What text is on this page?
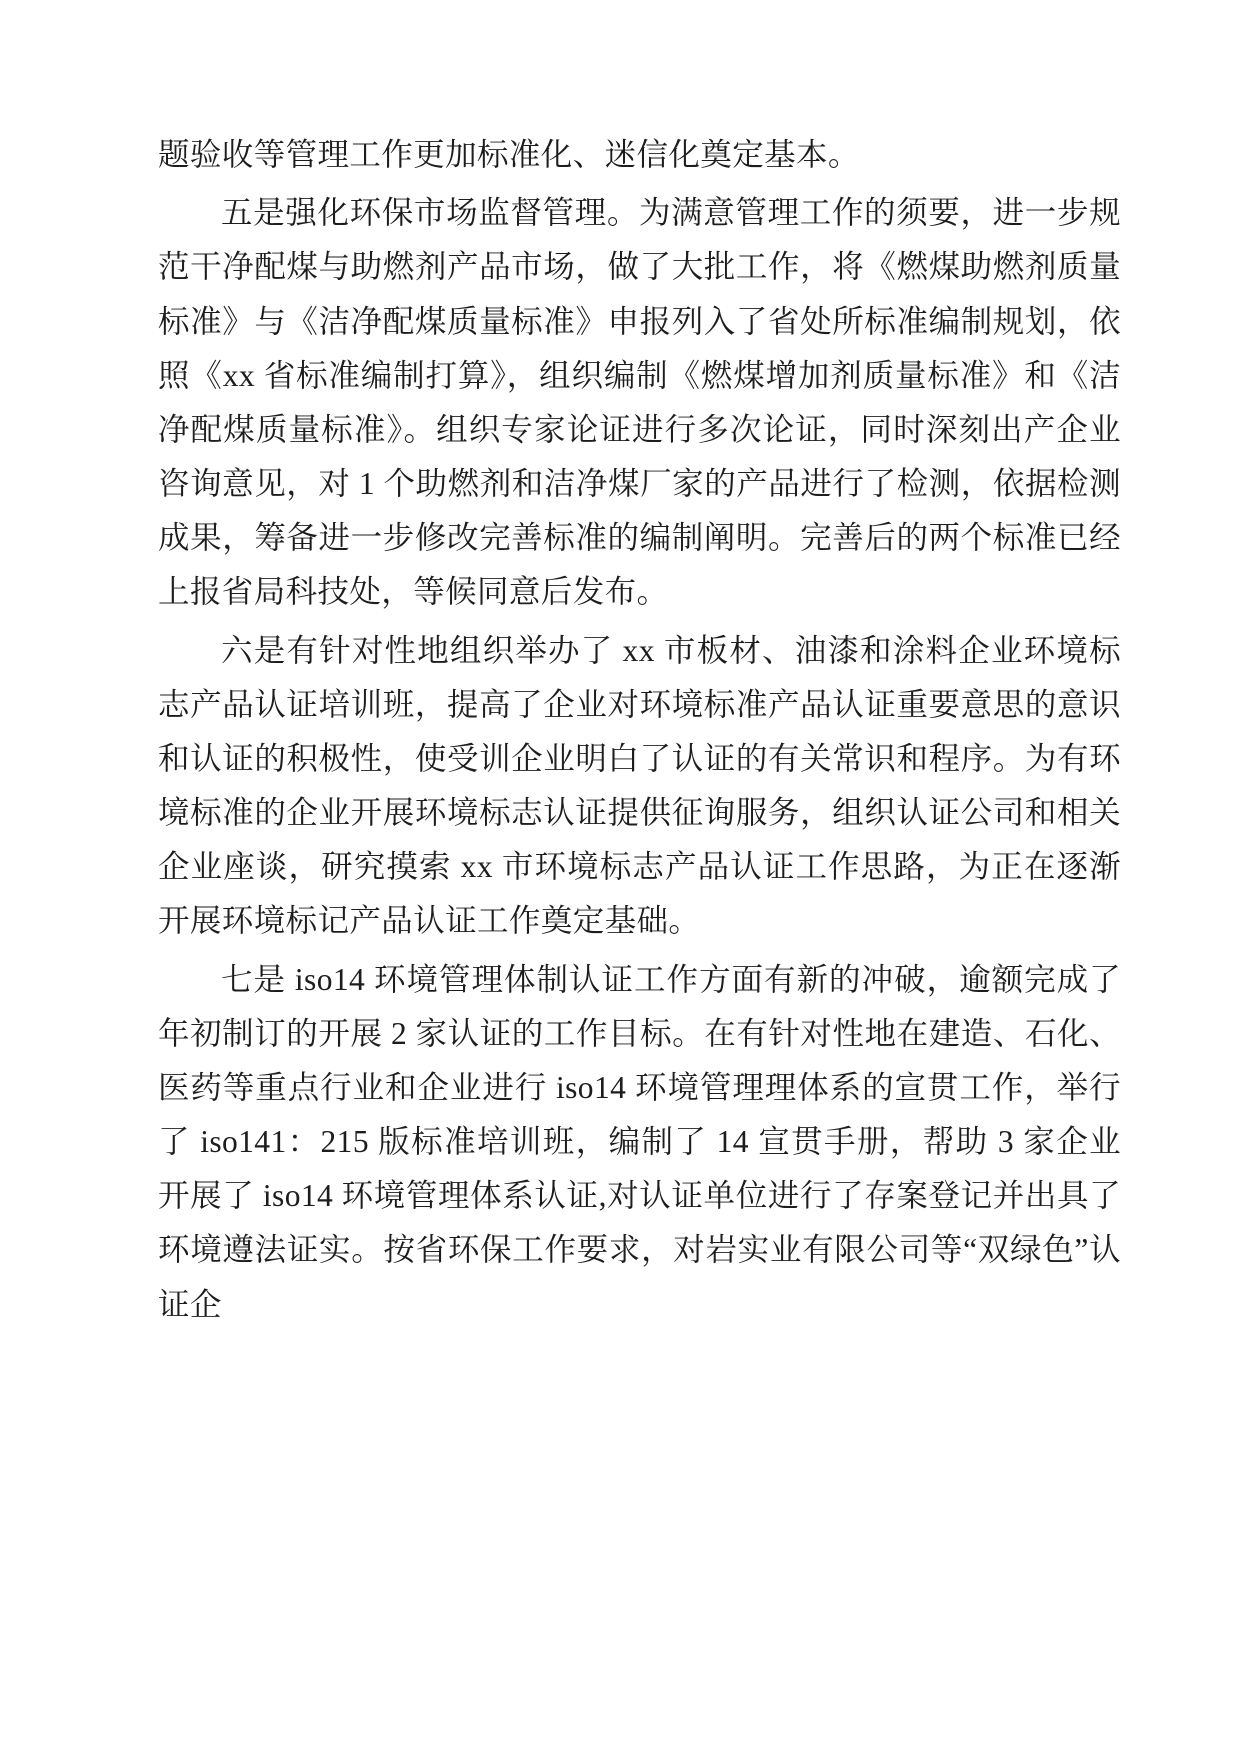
题验收等管理工作更加标准化、迷信化奠定基本。

五是强化环保市场监督管理。为满意管理工作的须要，进一步规范干净配煤与助燃剂产品市场，做了大批工作，将《燃煤助燃剂质量标准》与《洁净配煤质量标准》申报列入了省处所标准编制规划，依照《xx 省标准编制打算》，组织编制《燃煤增加剂质量标准》和《洁净配煤质量标准》。组织专家论证进行多次论证，同时深刻出产企业咨询意见，对 1 个助燃剂和洁净煤厂家的产品进行了检测，依据检测成果，筹备进一步修改完善标准的编制阐明。完善后的两个标准已经上报省局科技处，等候同意后发布。

六是有针对性地组织举办了 xx 市板材、油漆和涂料企业环境标志产品认证培训班，提高了企业对环境标准产品认证重要意思的意识和认证的积极性，使受训企业明白了认证的有关常识和程序。为有环境标准的企业开展环境标志认证提供征询服务，组织认证公司和相关企业座谈，研究摸索 xx 市环境标志产品认证工作思路，为正在逐渐开展环境标记产品认证工作奠定基础。

七是 iso14 环境管理体制认证工作方面有新的冲破，逾额完成了年初制订的开展 2 家认证的工作目标。在有针对性地在建造、石化、医药等重点行业和企业进行 iso14 环境管理理体系的宣贯工作，举行了 iso141：215 版标准培训班，编制了 14 宣贯手册，帮助 3 家企业开展了 iso14 环境管理体系认证,对认证单位进行了存案登记并出具了环境遵法证实。按省环保工作要求，对岩实业有限公司等“双绿色”认证企
